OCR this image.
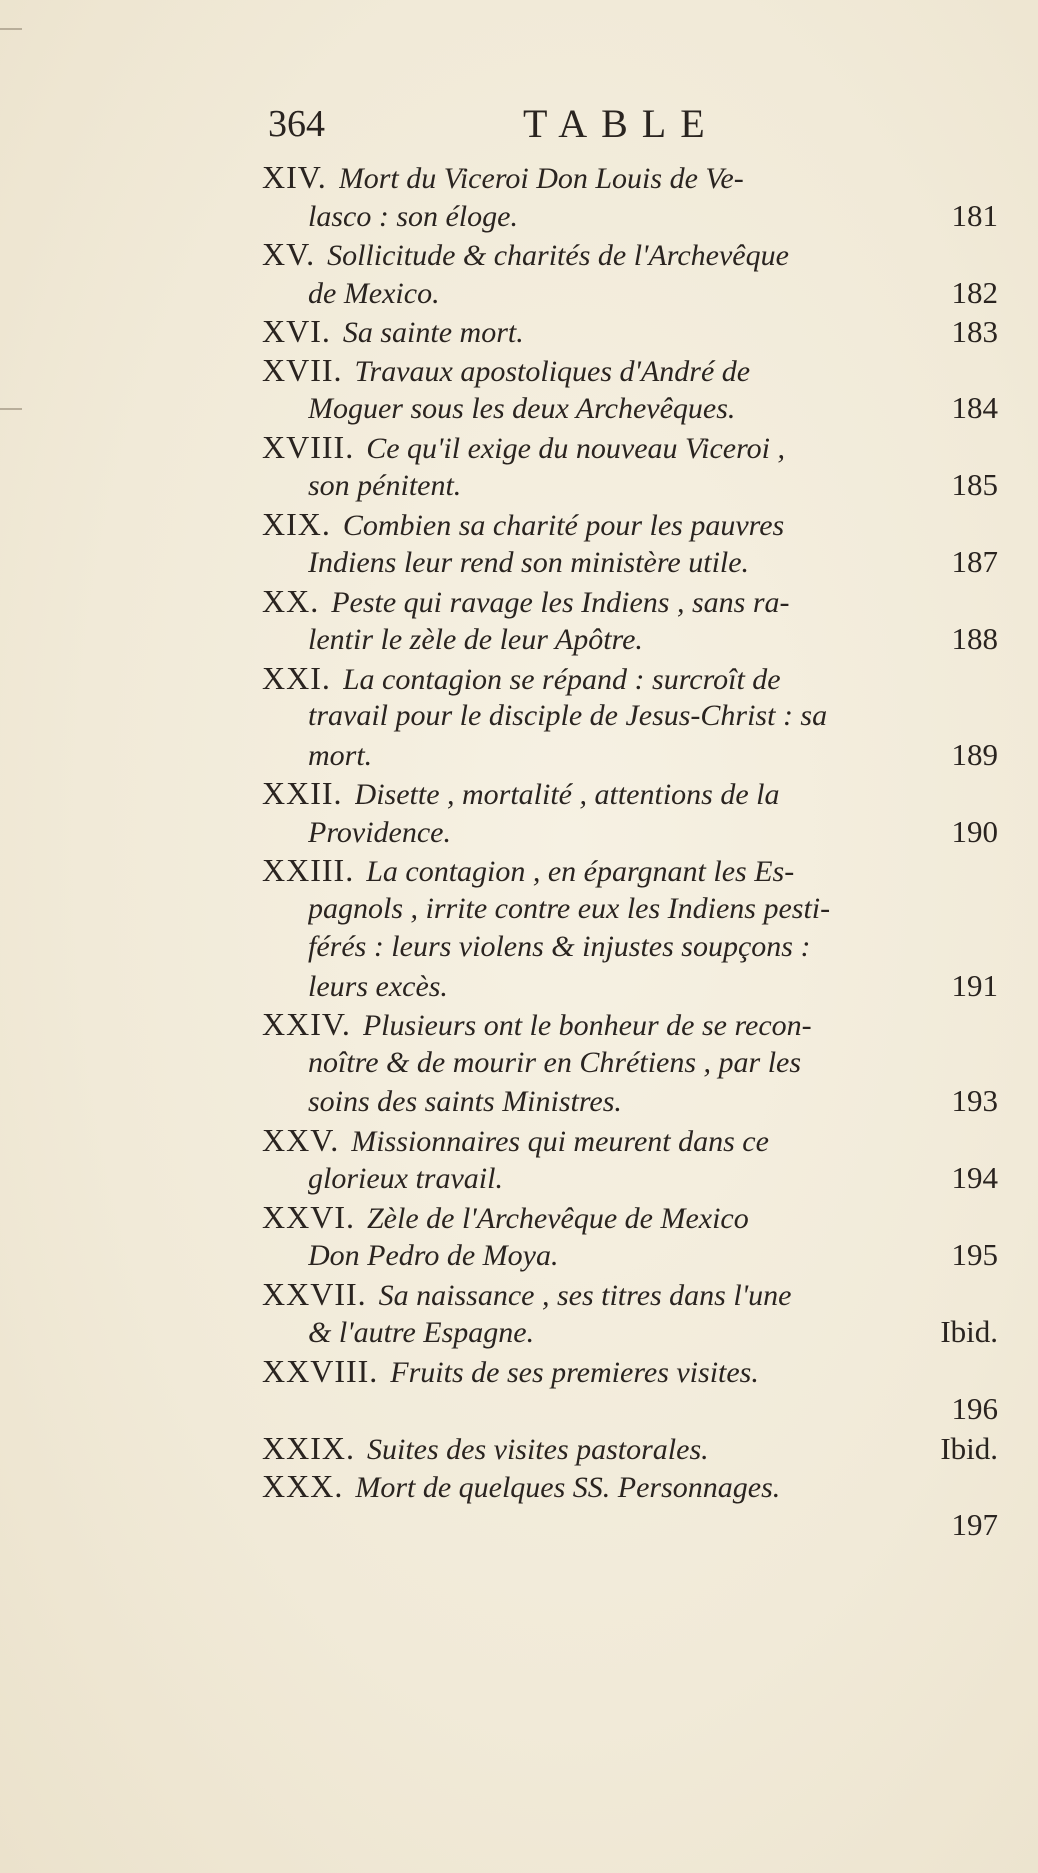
364	TABLE
XIV. Mort du Viceroi Don Louis de Ve-
lasco : son éloge.	181
XV. Sollicitude & charités de l'Archevêque
de Mexico.	182
XVI. Sa sainte mort.	183
XVII. Travaux apostoliques d'André de
Moguer sous les deux Archevêques.	184
XVIII. Ce qu'il exige du nouveau Viceroi ,
son pénitent.	185
XIX. Combien sa charité pour les pauvres
Indiens leur rend son ministère utile.	187
XX. Peste qui ravage les Indiens , sans ra-
lentir le zèle de leur Apôtre.	188
XXI. La contagion se répand : surcroît de
travail pour le disciple de Jesus-Christ : sa
mort.	189
XXII. Disette , mortalité , attentions de la
Providence.	190
XXIII. La contagion , en épargnant les Es-
pagnols , irrite contre eux les Indiens pesti-
férés : leurs violens & injustes soupçons :
leurs excès.	191
XXIV. Plusieurs ont le bonheur de se recon-
noître & de mourir en Chrétiens , par les
soins des saints Ministres.	193
XXV. Missionnaires qui meurent dans ce
glorieux travail.	194
XXVI. Zèle de l'Archevêque de Mexico
Don Pedro de Moya.	195
XXVII. Sa naissance , ses titres dans l'une
& l'autre Espagne.	Ibid.
XXVIII. Fruits de ses premieres visites.
196
XXIX. Suites des visites pastorales.	Ibid.
XXX. Mort de quelques SS. Personnages.
197
